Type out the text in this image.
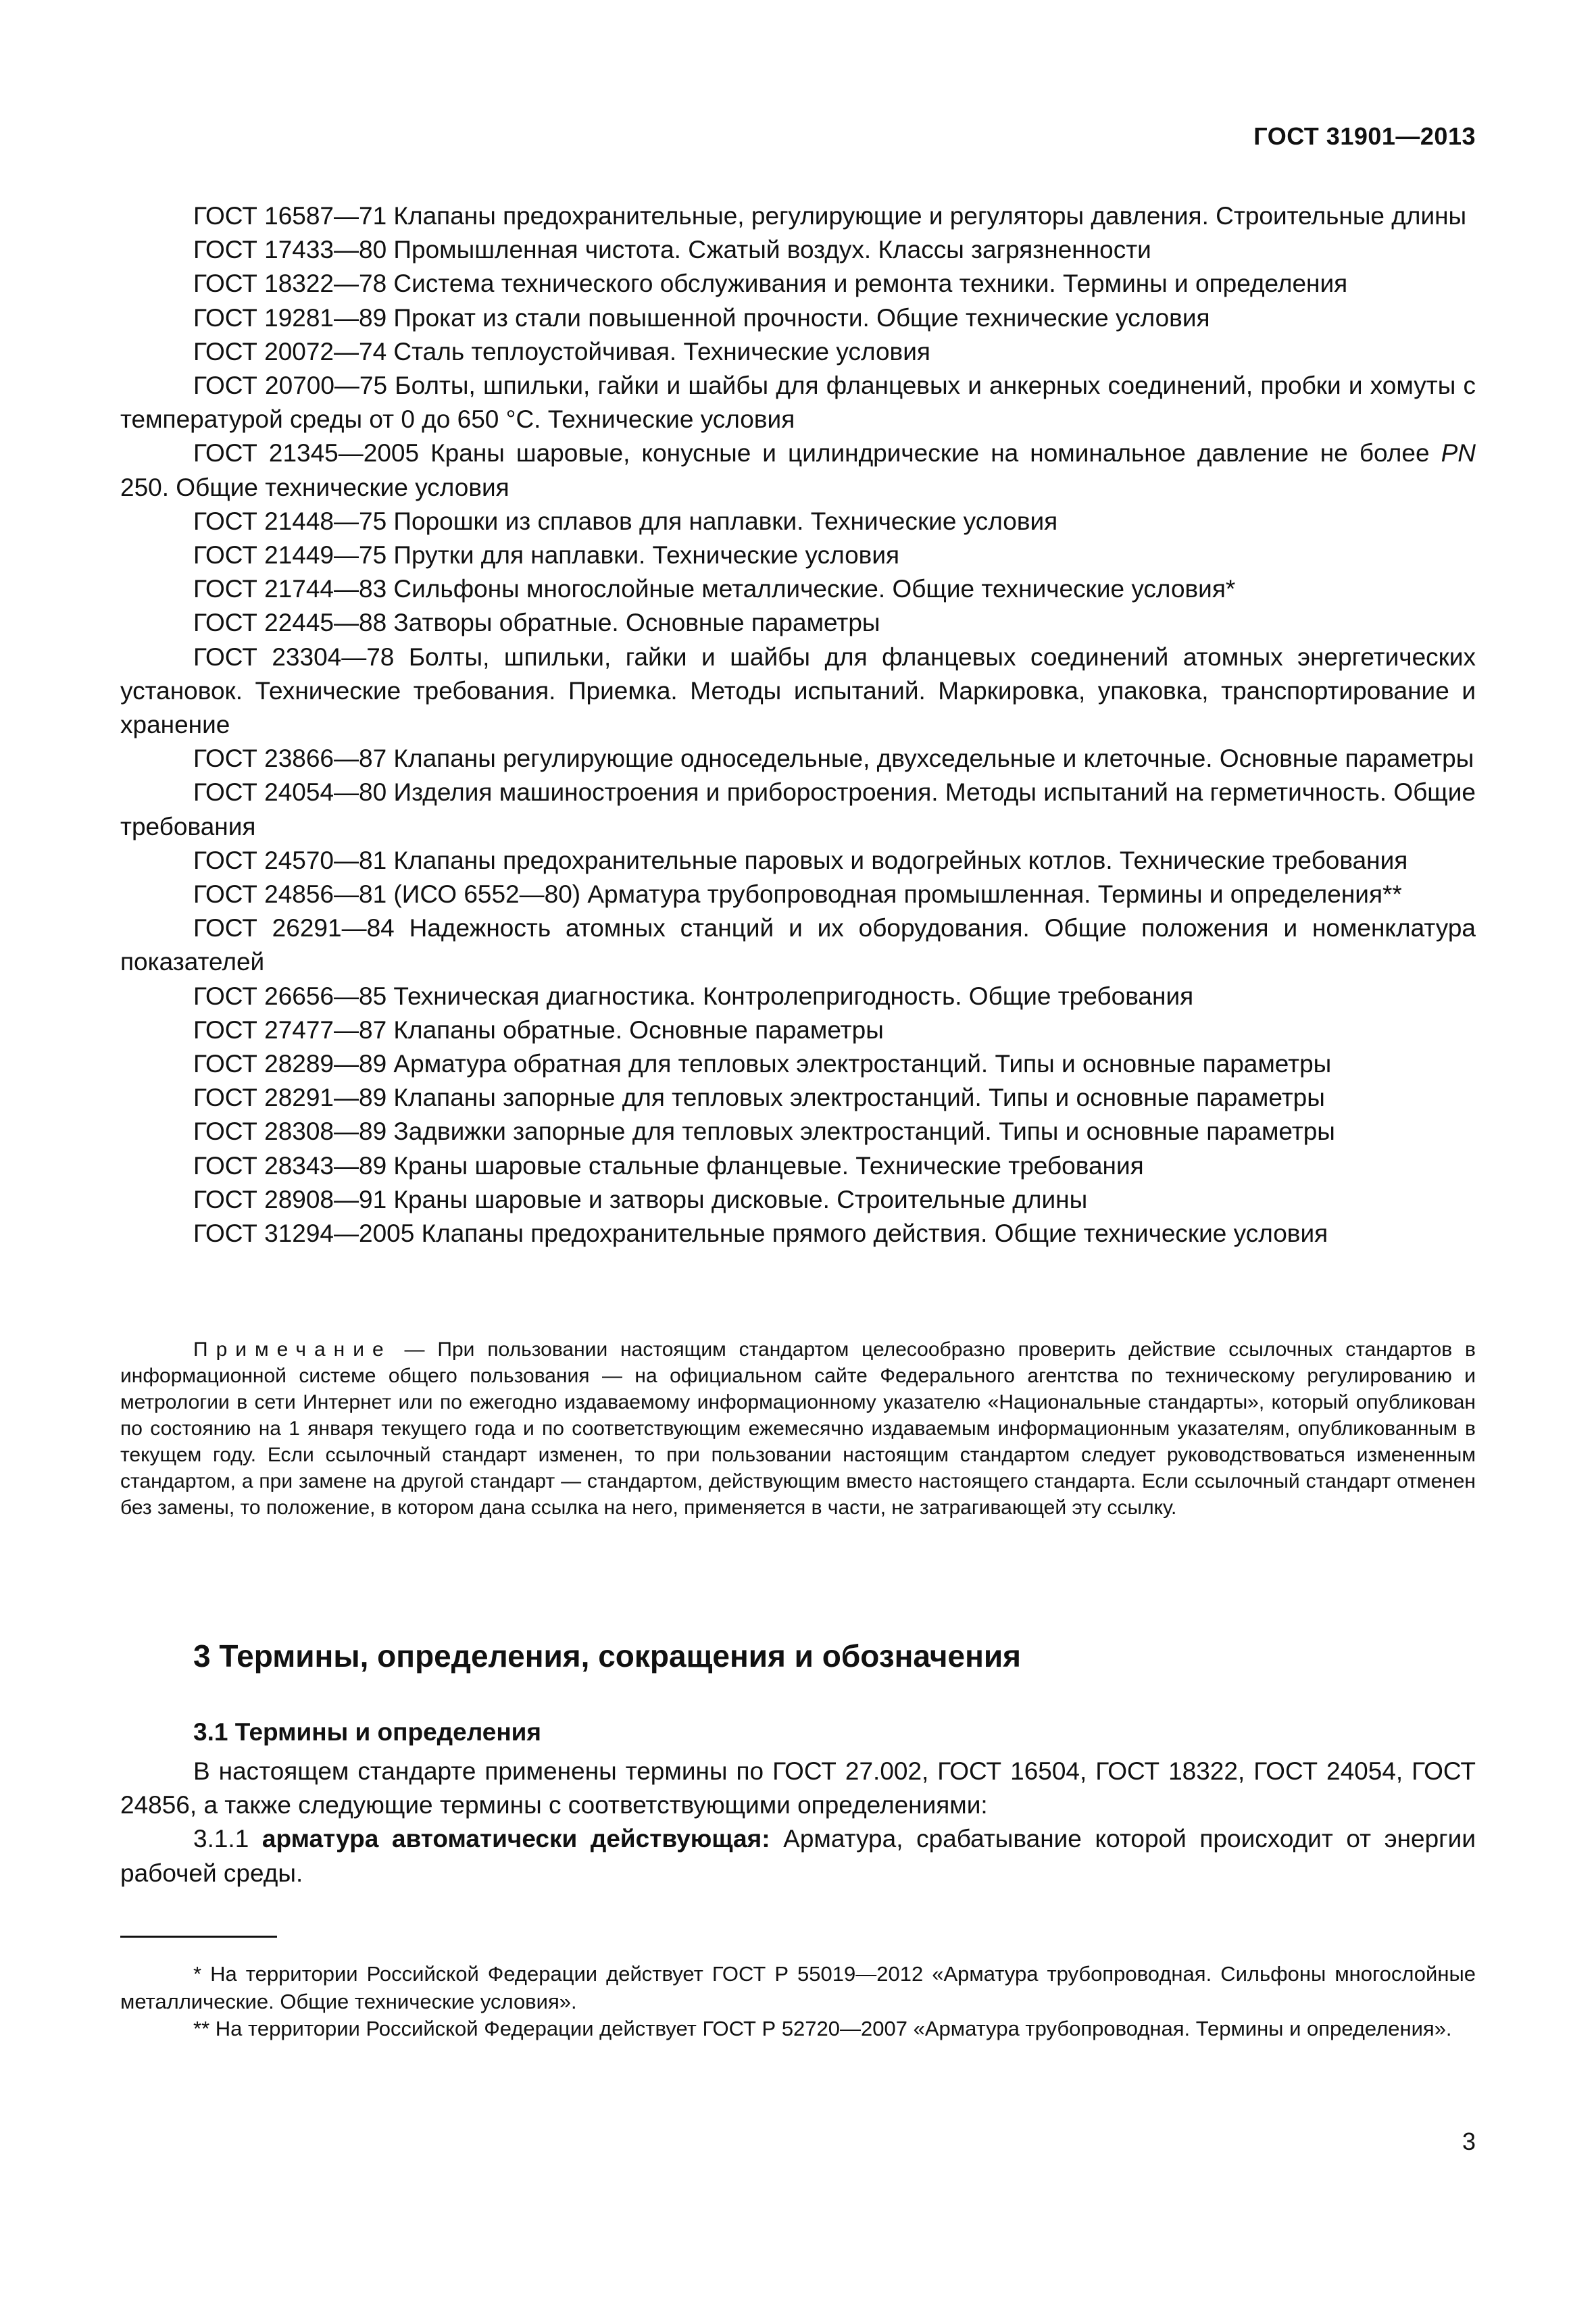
ГОСТ 31901—2013

ГОСТ 16587—71 Клапаны предохранительные, регулирующие и регуляторы давления. Строительные длины

ГОСТ 17433—80 Промышленная чистота. Сжатый воздух. Классы загрязненности

ГОСТ 18322—78 Система технического обслуживания и ремонта техники. Термины и определения

ГОСТ 19281—89 Прокат из стали повышенной прочности. Общие технические условия

ГОСТ 20072—74 Сталь теплоустойчивая. Технические условия

ГОСТ 20700—75 Болты, шпильки, гайки и шайбы для фланцевых и анкерных соединений, пробки и хомуты с температурой среды от 0 до 650 °С. Технические условия

ГОСТ 21345—2005 Краны шаровые, конусные и цилиндрические на номинальное давление не более PN 250. Общие технические условия

ГОСТ 21448—75 Порошки из сплавов для наплавки. Технические условия

ГОСТ 21449—75 Прутки для наплавки. Технические условия

ГОСТ 21744—83 Сильфоны многослойные металлические. Общие технические условия*

ГОСТ 22445—88 Затворы обратные. Основные параметры

ГОСТ 23304—78 Болты, шпильки, гайки и шайбы для фланцевых соединений атомных энергетических установок. Технические требования. Приемка. Методы испытаний. Маркировка, упаковка, транспортирование и хранение

ГОСТ 23866—87 Клапаны регулирующие односедельные, двухседельные и клеточные. Основные параметры

ГОСТ 24054—80 Изделия машиностроения и приборостроения. Методы испытаний на герметичность. Общие требования

ГОСТ 24570—81 Клапаны предохранительные паровых и водогрейных котлов. Технические требования

ГОСТ 24856—81 (ИСО 6552—80) Арматура трубопроводная промышленная. Термины и определения**

ГОСТ 26291—84 Надежность атомных станций и их оборудования. Общие положения и номенклатура показателей

ГОСТ 26656—85 Техническая диагностика. Контролепригодность. Общие требования

ГОСТ 27477—87 Клапаны обратные. Основные параметры

ГОСТ 28289—89 Арматура обратная для тепловых электростанций. Типы и основные параметры

ГОСТ 28291—89 Клапаны запорные для тепловых электростанций. Типы и основные параметры

ГОСТ 28308—89 Задвижки запорные для тепловых электростанций. Типы и основные параметры

ГОСТ 28343—89 Краны шаровые стальные фланцевые. Технические требования

ГОСТ 28908—91 Краны шаровые и затворы дисковые. Строительные длины

ГОСТ 31294—2005 Клапаны предохранительные прямого действия. Общие технические условия

Примечание — При пользовании настоящим стандартом целесообразно проверить действие ссылочных стандартов в информационной системе общего пользования — на официальном сайте Федерального агентства по техническому регулированию и метрологии в сети Интернет или по ежегодно издаваемому информационному указателю «Национальные стандарты», который опубликован по состоянию на 1 января текущего года и по соответствующим ежемесячно издаваемым информационным указателям, опубликованным в текущем году. Если ссылочный стандарт изменен, то при пользовании настоящим стандартом следует руководствоваться измененным стандартом, а при замене на другой стандарт — стандартом, действующим вместо настоящего стандарта. Если ссылочный стандарт отменен без замены, то положение, в котором дана ссылка на него, применяется в части, не затрагивающей эту ссылку.

3 Термины, определения, сокращения и обозначения
3.1 Термины и определения

В настоящем стандарте применены термины по ГОСТ 27.002, ГОСТ 16504, ГОСТ 18322, ГОСТ 24054, ГОСТ 24856, а также следующие термины с соответствующими определениями:

3.1.1 арматура автоматически действующая: Арматура, срабатывание которой происходит от энергии рабочей среды.

* На территории Российской Федерации действует ГОСТ Р 55019—2012 «Арматура трубопроводная. Сильфоны многослойные металлические. Общие технические условия».

** На территории Российской Федерации действует ГОСТ Р 52720—2007 «Арматура трубопроводная. Термины и определения».

3
